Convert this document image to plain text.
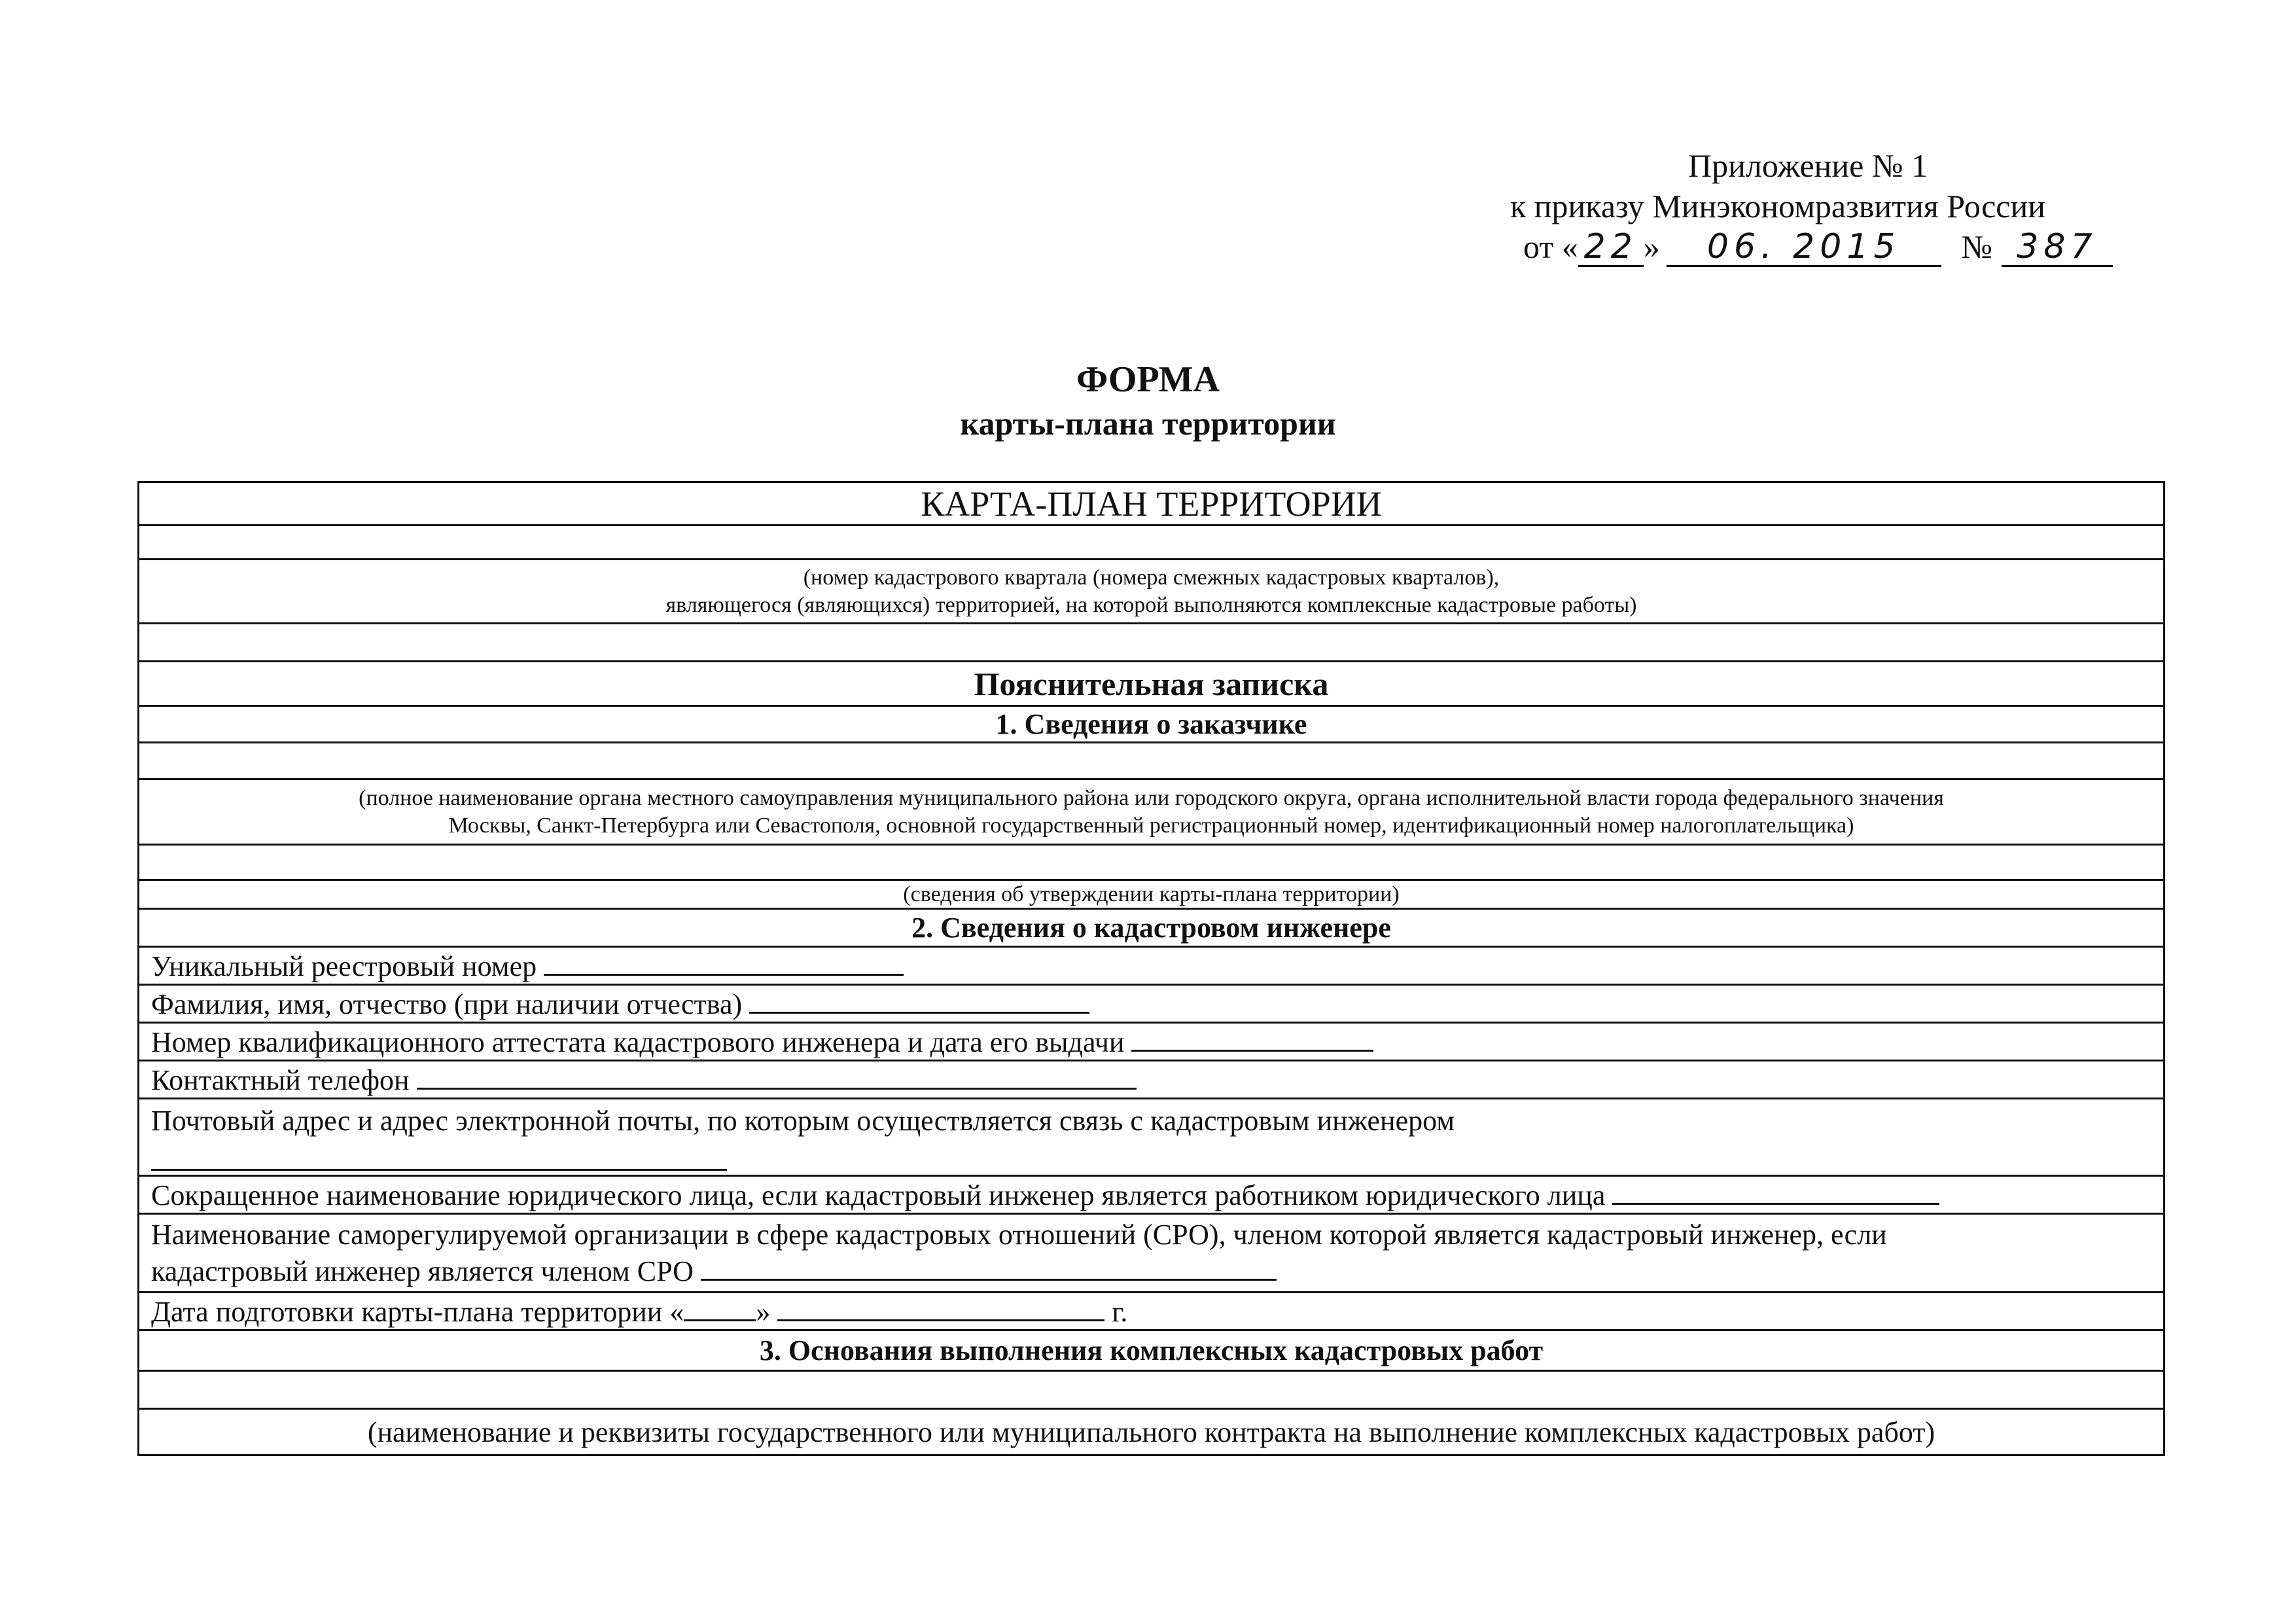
Приложение № 1
к приказу Минэкономразвития России
от « 22 » 06. 2015 № 387
ФОРМА
карты-плана территории
КАРТА-ПЛАН ТЕРРИТОРИИ
(номер кадастрового квартала (номера смежных кадастровых кварталов),
являющегося (являющихся) территорией, на которой выполняются комплексные кадастровые работы)
Пояснительная записка
1. Сведения о заказчике
(полное наименование органа местного самоуправления муниципального района или городского округа, органа исполнительной власти города федерального значения
Москвы, Санкт-Петербурга или Севастополя, основной государственный регистрационный номер, идентификационный номер налогоплательщика)
(сведения об утверждении карты-плана территории)
2. Сведения о кадастровом инженере
Уникальный реестровый номер
Фамилия, имя, отчество (при наличии отчества)
Номер квалификационного аттестата кадастрового инженера и дата его выдачи
Контактный телефон
Почтовый адрес и адрес электронной почты, по которым осуществляется связь с кадастровым инженером
Сокращенное наименование юридического лица, если кадастровый инженер является работником юридического лица
Наименование саморегулируемой организации в сфере кадастровых отношений (СРО), членом которой является кадастровый инженер, если
кадастровый инженер является членом СРО
Дата подготовки карты-плана территории «	»	г.
3. Основания выполнения комплексных кадастровых работ
(наименование и реквизиты государственного или муниципального контракта на выполнение комплексных кадастровых работ)
